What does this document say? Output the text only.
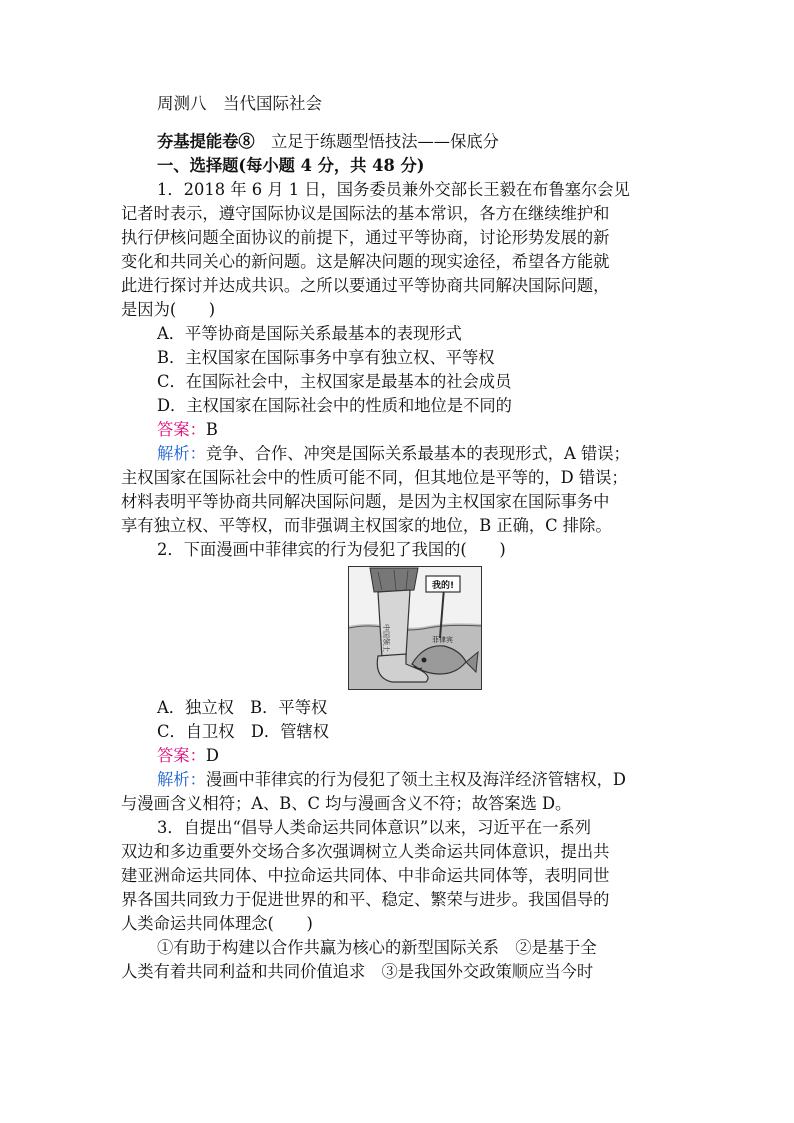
周测八　当代国际社会
夯基提能卷⑧　立足于练题型悟技法——保底分
一、选择题(每小题 4 分，共 48 分)
1．2018 年 6 月 1 日，国务委员兼外交部长王毅在布鲁塞尔会见
记者时表示，遵守国际协议是国际法的基本常识，各方在继续维护和
执行伊核问题全面协议的前提下，通过平等协商，讨论形势发展的新
变化和共同关心的新问题。这是解决问题的现实途径，希望各方能就
此进行探讨并达成共识。之所以要通过平等协商共同解决国际问题，
是因为(　　)
A．平等协商是国际关系最基本的表现形式
B．主权国家在国际事务中享有独立权、平等权
C．在国际社会中，主权国家是最基本的社会成员
D．主权国家在国际社会中的性质和地位是不同的
答案：B
解析：竞争、合作、冲突是国际关系最基本的表现形式，A 错误；
主权国家在国际社会中的性质可能不同，但其地位是平等的，D 错误；
材料表明平等协商共同解决国际问题，是因为主权国家在国际事务中
享有独立权、平等权，而非强调主权国家的地位，B 正确，C 排除。
2．下面漫画中菲律宾的行为侵犯了我国的(　　)
我的!
中国领土	菲律宾
A．独立权　B．平等权
C．自卫权　D．管辖权
答案：D
解析：漫画中菲律宾的行为侵犯了领土主权及海洋经济管辖权，D
与漫画含义相符；A、B、C 均与漫画含义不符；故答案选 D。
3．自提出“倡导人类命运共同体意识”以来，习近平在一系列
双边和多边重要外交场合多次强调树立人类命运共同体意识，提出共
建亚洲命运共同体、中拉命运共同体、中非命运共同体等，表明同世
界各国共同致力于促进世界的和平、稳定、繁荣与进步。我国倡导的
人类命运共同体理念(　　)
①有助于构建以合作共赢为核心的新型国际关系　②是基于全
人类有着共同利益和共同价值追求　③是我国外交政策顺应当今时
